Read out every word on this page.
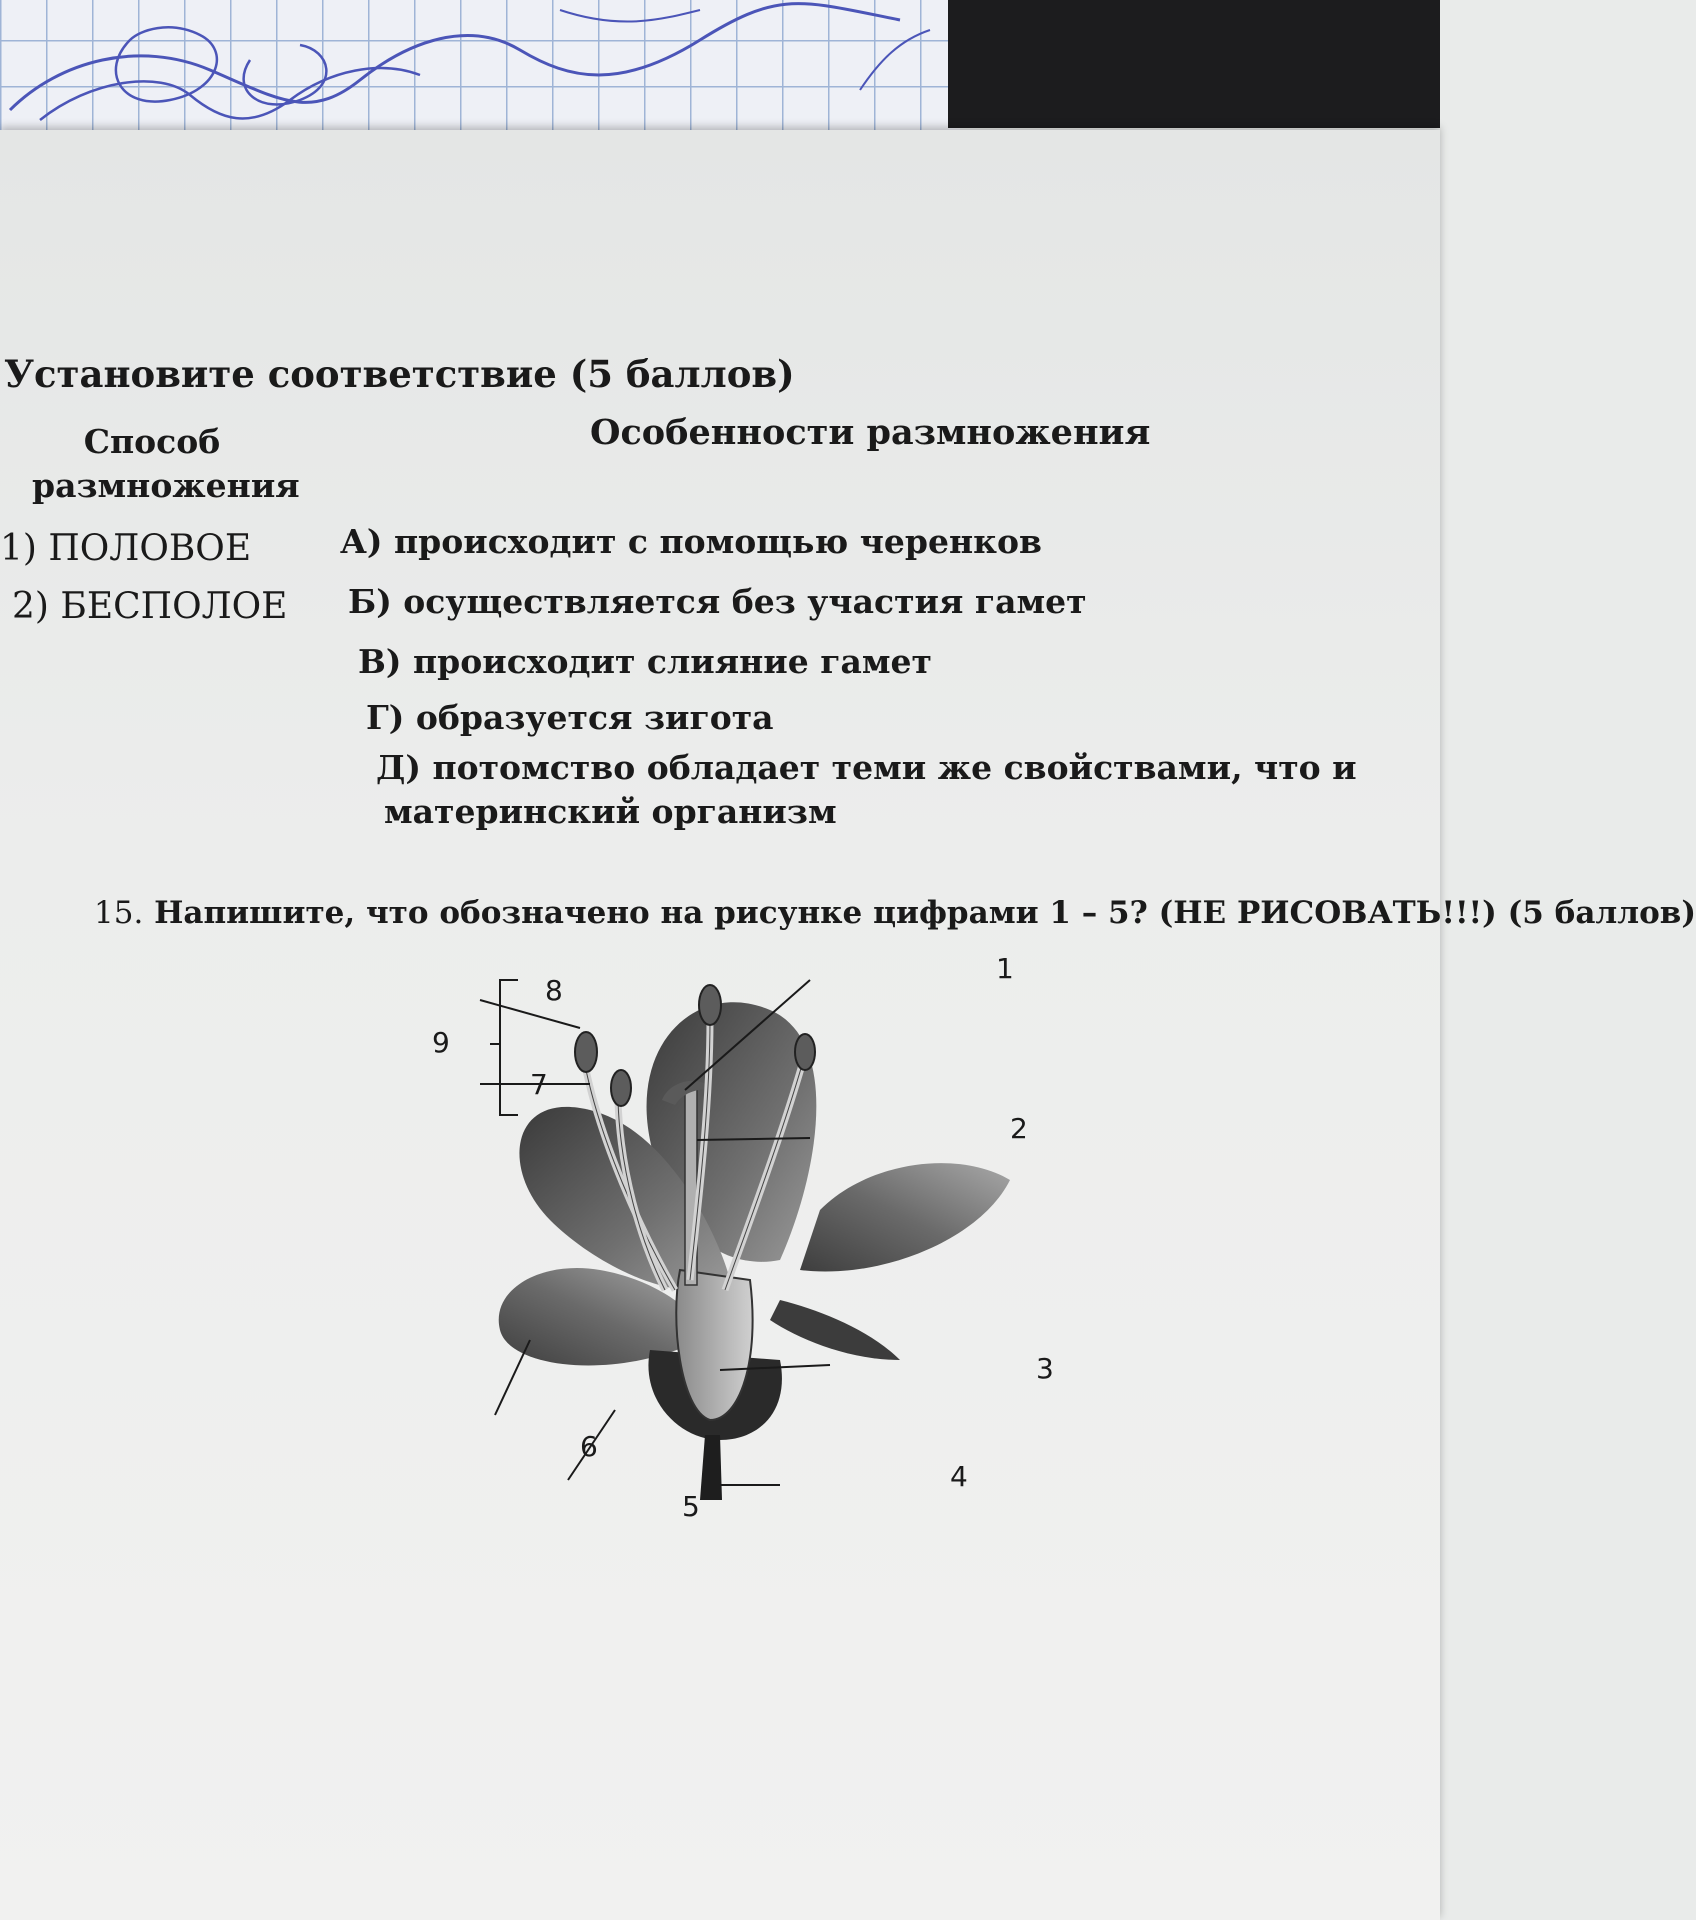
Установите соответствие (5 баллов)
Способ размножения
Особенности размножения
1) ПОЛОВОЕ
2) БЕСПОЛОЕ
А) происходит с помощью черенков
Б) осуществляется без участия гамет
В) происходит слияние гамет
Г) образуется зигота
Д) потомство обладает теми же свойствами, что и
материнский организм
15. Напишите, что обозначено на рисунке цифрами 1 – 5? (НЕ РИСОВАТЬ!!!) (5 баллов)
1
2
3
4
5
6
7
8
9
